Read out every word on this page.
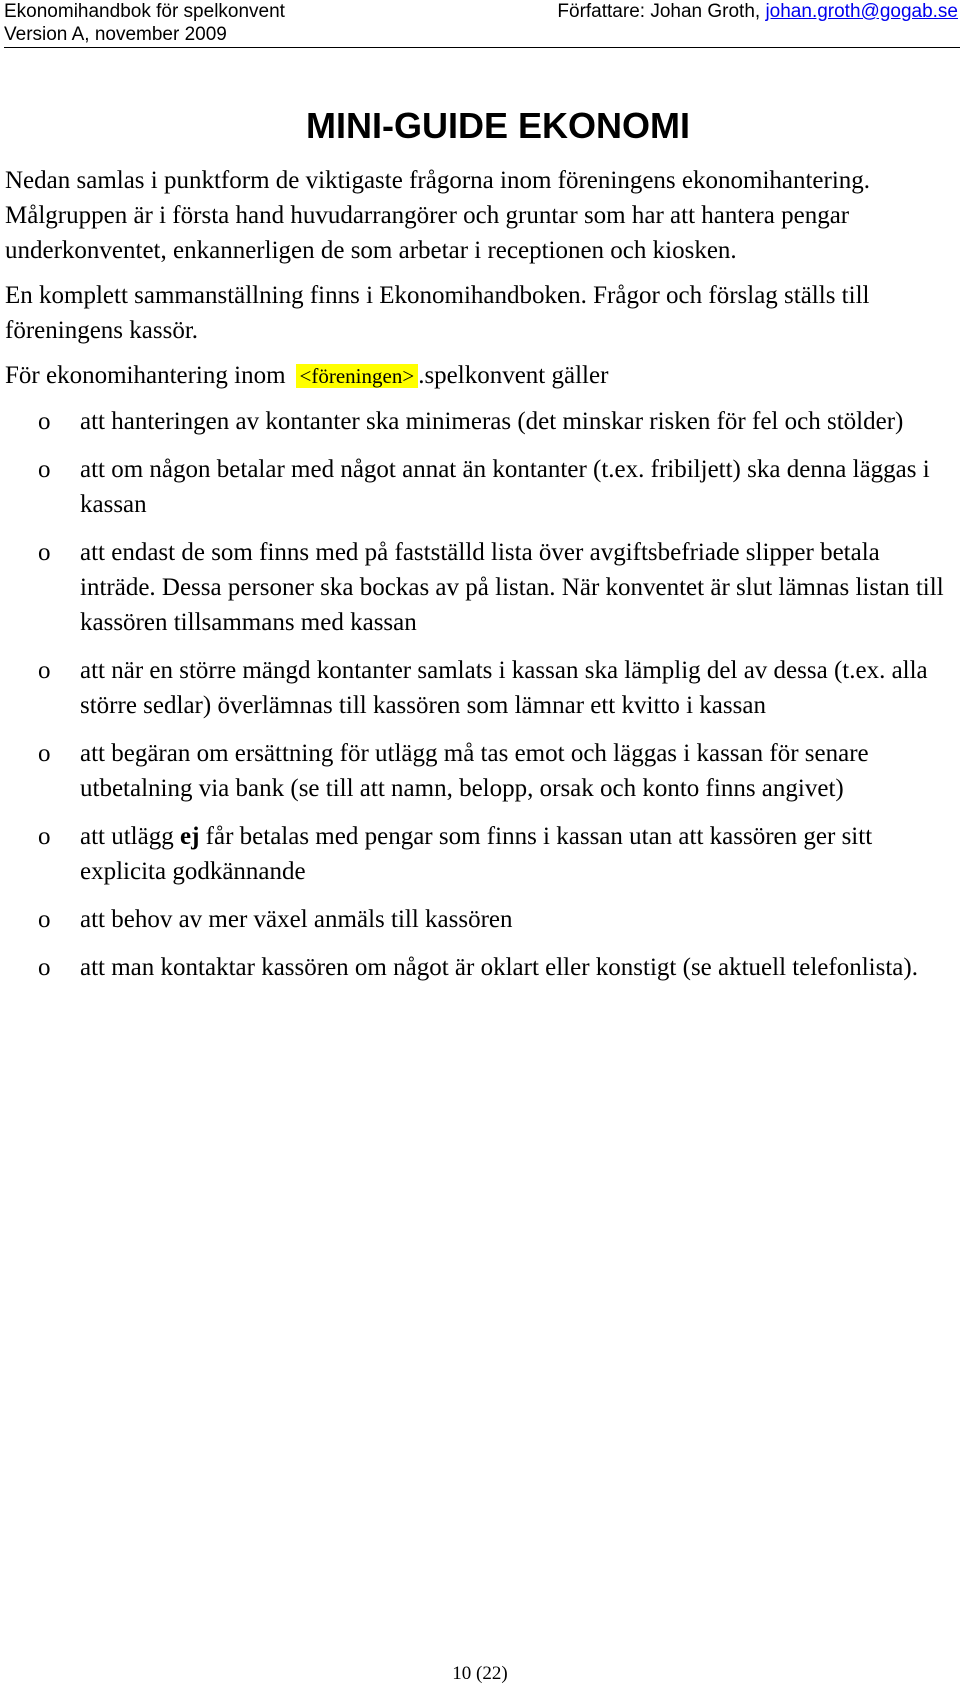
Ekonomihandbok för spelkonvent
Version A, november 2009
Författare: Johan Groth, johan.groth@gogab.se
MINI-GUIDE EKONOMI

Nedan samlas i punktform de viktigaste frågorna inom föreningens ekonomihantering. Målgruppen är i första hand huvudarrangörer och gruntar som har att hantera pengar underkonventet, enkannerligen de som arbetar i receptionen och kiosken.

En komplett sammanställning finns i Ekonomihandboken. Frågor och förslag ställs till föreningens kassör.

För ekonomihantering inom <föreningen> .spelkonvent gäller

o att hanteringen av kontanter ska minimeras (det minskar risken för fel och stölder)
o att om någon betalar med något annat än kontanter (t.ex. fribiljett) ska denna läggas i kassan
o att endast de som finns med på fastställd lista över avgiftsbefriade slipper betala inträde. Dessa personer ska bockas av på listan. När konventet är slut lämnas listan till kassören tillsammans med kassan
o att när en större mängd kontanter samlats i kassan ska lämplig del av dessa (t.ex. alla större sedlar) överlämnas till kassören som lämnar ett kvitto i kassan
o att begäran om ersättning för utlägg må tas emot och läggas i kassan för senare utbetalning via bank (se till att namn, belopp, orsak och konto finns angivet)
o att utlägg ej får betalas med pengar som finns i kassan utan att kassören ger sitt explicita godkännande
o att behov av mer växel anmäls till kassören
o att man kontaktar kassören om något är oklart eller konstigt (se aktuell telefonlista).
10 (22)
